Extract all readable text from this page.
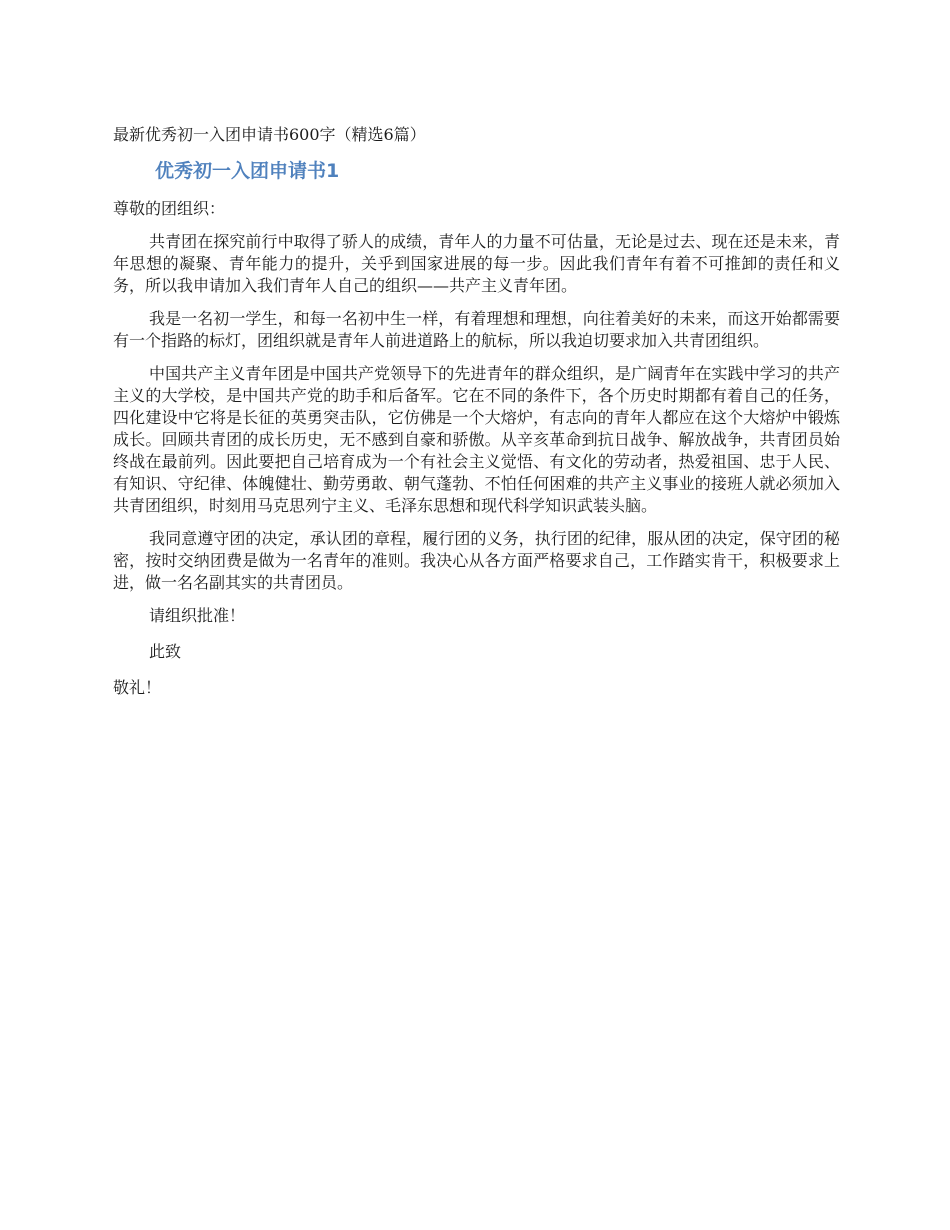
最新优秀初一入团申请书600字（精选6篇）

优秀初一入团申请书1

尊敬的团组织：

共青团在探究前行中取得了骄人的成绩，青年人的力量不可估量，无论是过去、现在还是未来，青年思想的凝聚、青年能力的提升，关乎到国家进展的每一步。因此我们青年有着不可推卸的责任和义务，所以我申请加入我们青年人自己的组织——共产主义青年团。

我是一名初一学生，和每一名初中生一样，有着理想和理想，向往着美好的未来，而这开始都需要有一个指路的标灯，团组织就是青年人前进道路上的航标，所以我迫切要求加入共青团组织。

中国共产主义青年团是中国共产党领导下的先进青年的群众组织，是广阔青年在实践中学习的共产主义的大学校，是中国共产党的助手和后备军。它在不同的条件下，各个历史时期都有着自己的任务，四化建设中它将是长征的英勇突击队，它仿佛是一个大熔炉，有志向的青年人都应在这个大熔炉中锻炼成长。回顾共青团的成长历史，无不感到自豪和骄傲。从辛亥革命到抗日战争、解放战争，共青团员始终战在最前列。因此要把自己培育成为一个有社会主义觉悟、有文化的劳动者，热爱祖国、忠于人民、有知识、守纪律、体魄健壮、勤劳勇敢、朝气蓬勃、不怕任何困难的共产主义事业的接班人就必须加入共青团组织，时刻用马克思列宁主义、毛泽东思想和现代科学知识武装头脑。

我同意遵守团的决定，承认团的章程，履行团的义务，执行团的纪律，服从团的决定，保守团的秘密，按时交纳团费是做为一名青年的准则。我决心从各方面严格要求自己，工作踏实肯干，积极要求上进，做一名名副其实的共青团员。

请组织批准！

此致

敬礼！
